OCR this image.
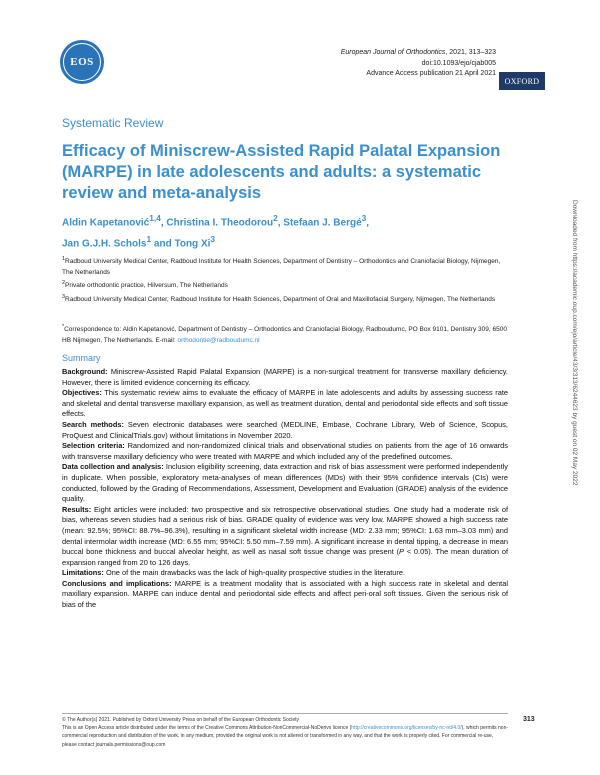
EOS
European Journal of Orthodontics, 2021, 313–323
doi:10.1093/ejo/cjab005
Advance Access publication 21 April 2021
OXFORD
Systematic Review
Efficacy of Miniscrew-Assisted Rapid Palatal Expansion (MARPE) in late adolescents and adults: a systematic review and meta-analysis
Aldin Kapetanović$^{1,4}$, Christina I. Theodorou$^2$, Stefaan J. Bergé$^3$,
Jan G.J.H. Schols$^1$ and Tong Xi$^3$

$^1$Radboud University Medical Center, Radboud Institute for Health Sciences, Department of Dentistry – Orthodontics and Craniofacial Biology, Nijmegen, The Netherlands

$^2$Private orthodontic practice, Hilversum, The Netherlands

$^3$Radboud University Medical Center, Radboud Institute for Health Sciences, Department of Oral and Maxillofacial Surgery, Nijmegen, The Netherlands

*Correspondence to: Aldin Kapetanović, Department of Dentistry – Orthodontics and Craniofacial Biology, Radboudumc, PO Box 9101, Dentistry 309, 6500 HB Nijmegen, The Netherlands. E-mail: orthodontie@radboudumc.nl

Summary

Background: Miniscrew-Assisted Rapid Palatal Expansion (MARPE) is a non-surgical treatment for transverse maxillary deficiency. However, there is limited evidence concerning its efficacy.

Objectives: This systematic review aims to evaluate the efficacy of MARPE in late adolescents and adults by assessing success rate and skeletal and dental transverse maxillary expansion, as well as treatment duration, dental and periodontal side effects and soft tissue effects.

Search methods: Seven electronic databases were searched (MEDLINE, Embase, Cochrane Library, Web of Science, Scopus, ProQuest and ClinicalTrials.gov) without limitations in November 2020.

Selection criteria: Randomized and non-randomized clinical trials and observational studies on patients from the age of 16 onwards with transverse maxillary deficiency who were treated with MARPE and which included any of the predefined outcomes.

Data collection and analysis: Inclusion eligibility screening, data extraction and risk of bias assessment were performed independently in duplicate. When possible, exploratory meta-analyses of mean differences (MDs) with their 95% confidence intervals (CIs) were conducted, followed by the Grading of Recommendations, Assessment, Development and Evaluation (GRADE) analysis of the evidence quality.

Results: Eight articles were included: two prospective and six retrospective observational studies. One study had a moderate risk of bias, whereas seven studies had a serious risk of bias. GRADE quality of evidence was very low. MARPE showed a high success rate (mean: 92.5%; 95%CI: 88.7%–96.3%), resulting in a significant skeletal width increase (MD: 2.33 mm; 95%CI: 1.63 mm–3.03 mm) and dental intermolar width increase (MD: 6.55 mm; 95%CI: 5.50 mm–7.59 mm). A significant increase in dental tipping, a decrease in mean buccal bone thickness and buccal alveolar height, as well as nasal soft tissue change was present (P < 0.05). The mean duration of expansion ranged from 20 to 126 days.

Limitations: One of the main drawbacks was the lack of high-quality prospective studies in the literature.

Conclusions and implications: MARPE is a treatment modality that is associated with a high success rate in skeletal and dental maxillary expansion. MARPE can induce dental and periodontal side effects and affect peri-oral soft tissues. Given the serious risk of bias of the

© The Author(s) 2021. Published by Oxford University Press on behalf of the European Orthodontic Society

This is an Open Access article distributed under the terms of the Creative Commons Attribution-NonCommercial-NoDerivs licence (http://creativecommons.org/licenses/by-nc-nd/4.0/), which permits non-commercial reproduction and distribution of the work, in any medium, provided the original work is not altered or transformed in any way, and that the work is properly cited. For commercial re-use, please contact journals.permissions@oup.com

313
Downloaded from https://academic.oup.com/ejo/article/43/3/313/6244623 by guest on 02 May 2022
